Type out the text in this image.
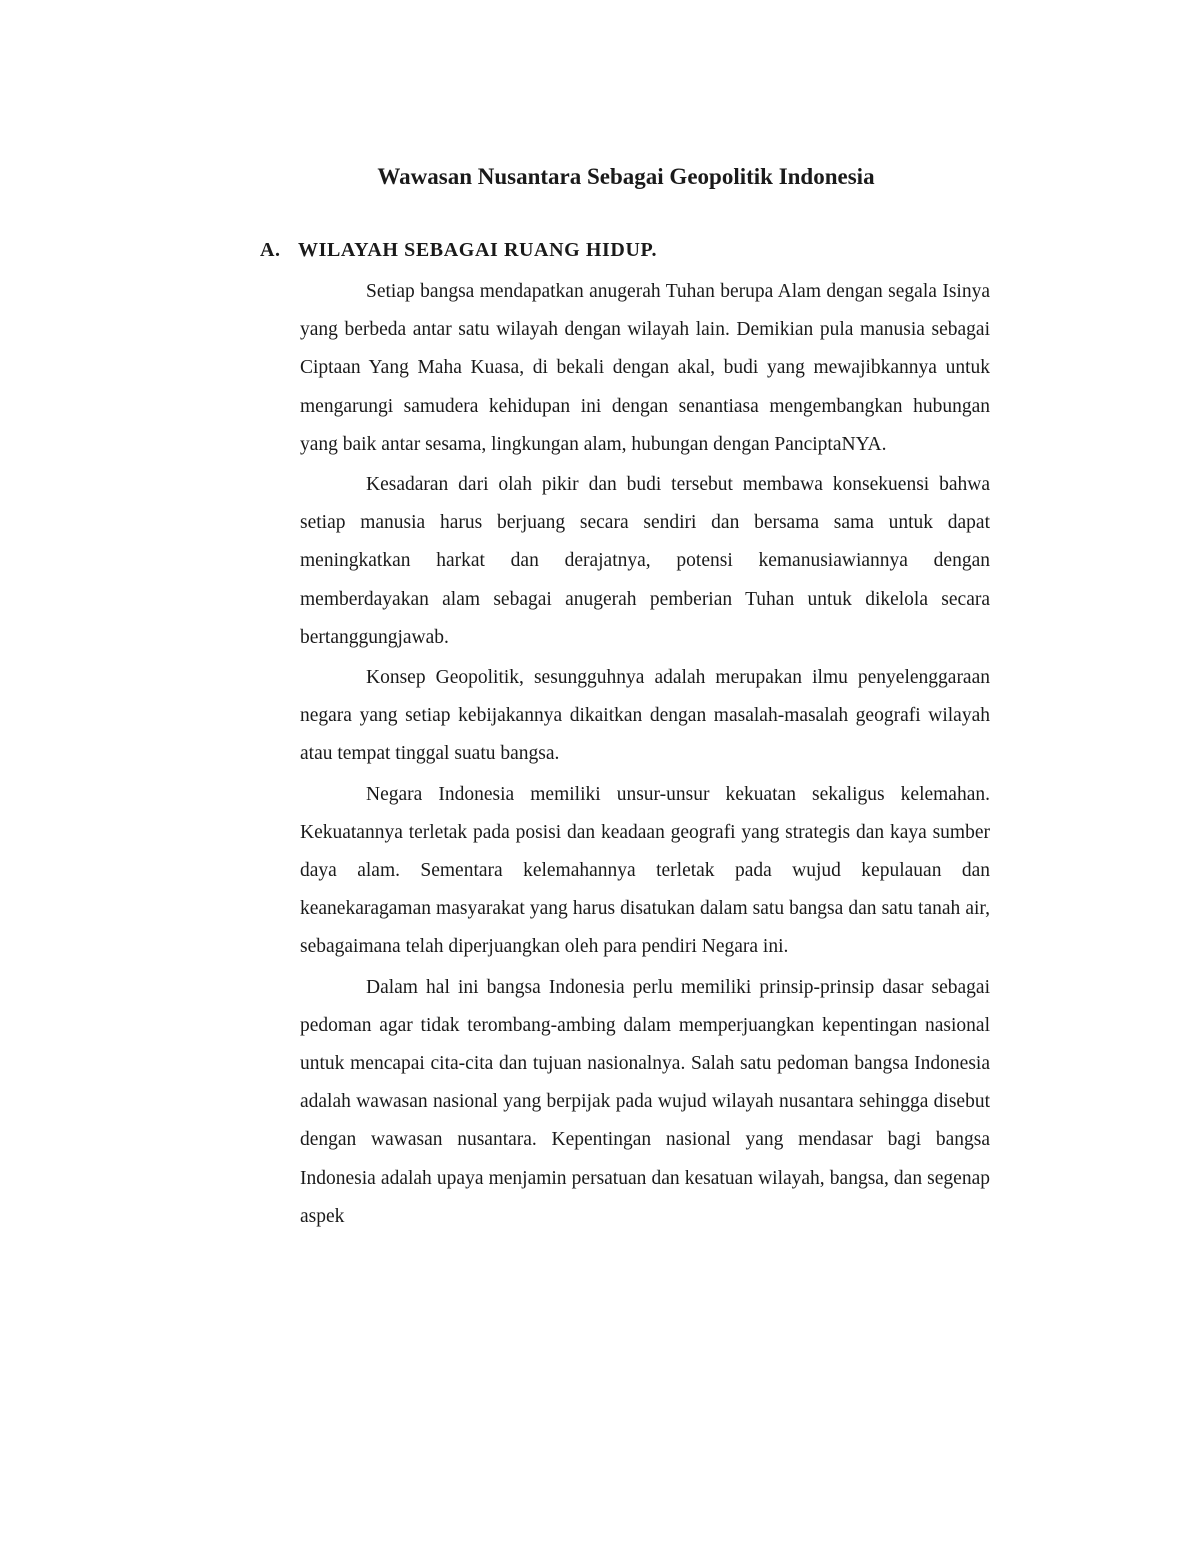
Wawasan Nusantara Sebagai Geopolitik Indonesia
A. WILAYAH SEBAGAI RUANG HIDUP.

Setiap bangsa mendapatkan anugerah Tuhan berupa Alam dengan segala Isinya yang berbeda antar satu wilayah dengan wilayah lain. Demikian pula manusia sebagai Ciptaan Yang Maha Kuasa, di bekali dengan akal, budi yang mewajibkannya untuk mengarungi samudera kehidupan ini dengan senantiasa mengembangkan hubungan yang baik antar sesama, lingkungan alam, hubungan dengan PanciptaNYA.

Kesadaran dari olah pikir dan budi tersebut membawa konsekuensi bahwa setiap manusia harus berjuang secara sendiri dan bersama sama untuk dapat meningkatkan harkat dan derajatnya, potensi kemanusiawiannya dengan memberdayakan alam sebagai anugerah pemberian Tuhan untuk dikelola secara bertanggungjawab.

Konsep Geopolitik, sesungguhnya adalah merupakan ilmu penyelenggaraan negara yang setiap kebijakannya dikaitkan dengan masalah-masalah geografi wilayah atau tempat tinggal suatu bangsa.

Negara Indonesia memiliki unsur-unsur kekuatan sekaligus kelemahan. Kekuatannya terletak pada posisi dan keadaan geografi yang strategis dan kaya sumber daya alam. Sementara kelemahannya terletak pada wujud kepulauan dan keanekaragaman masyarakat yang harus disatukan dalam satu bangsa dan satu tanah air, sebagaimana telah diperjuangkan oleh para pendiri Negara ini.

Dalam hal ini bangsa Indonesia perlu memiliki prinsip-prinsip dasar sebagai pedoman agar tidak terombang-ambing dalam memperjuangkan kepentingan nasional untuk mencapai cita-cita dan tujuan nasionalnya. Salah satu pedoman bangsa Indonesia adalah wawasan nasional yang berpijak pada wujud wilayah nusantara sehingga disebut dengan wawasan nusantara. Kepentingan nasional yang mendasar bagi bangsa Indonesia adalah upaya menjamin persatuan dan kesatuan wilayah, bangsa, dan segenap aspek
